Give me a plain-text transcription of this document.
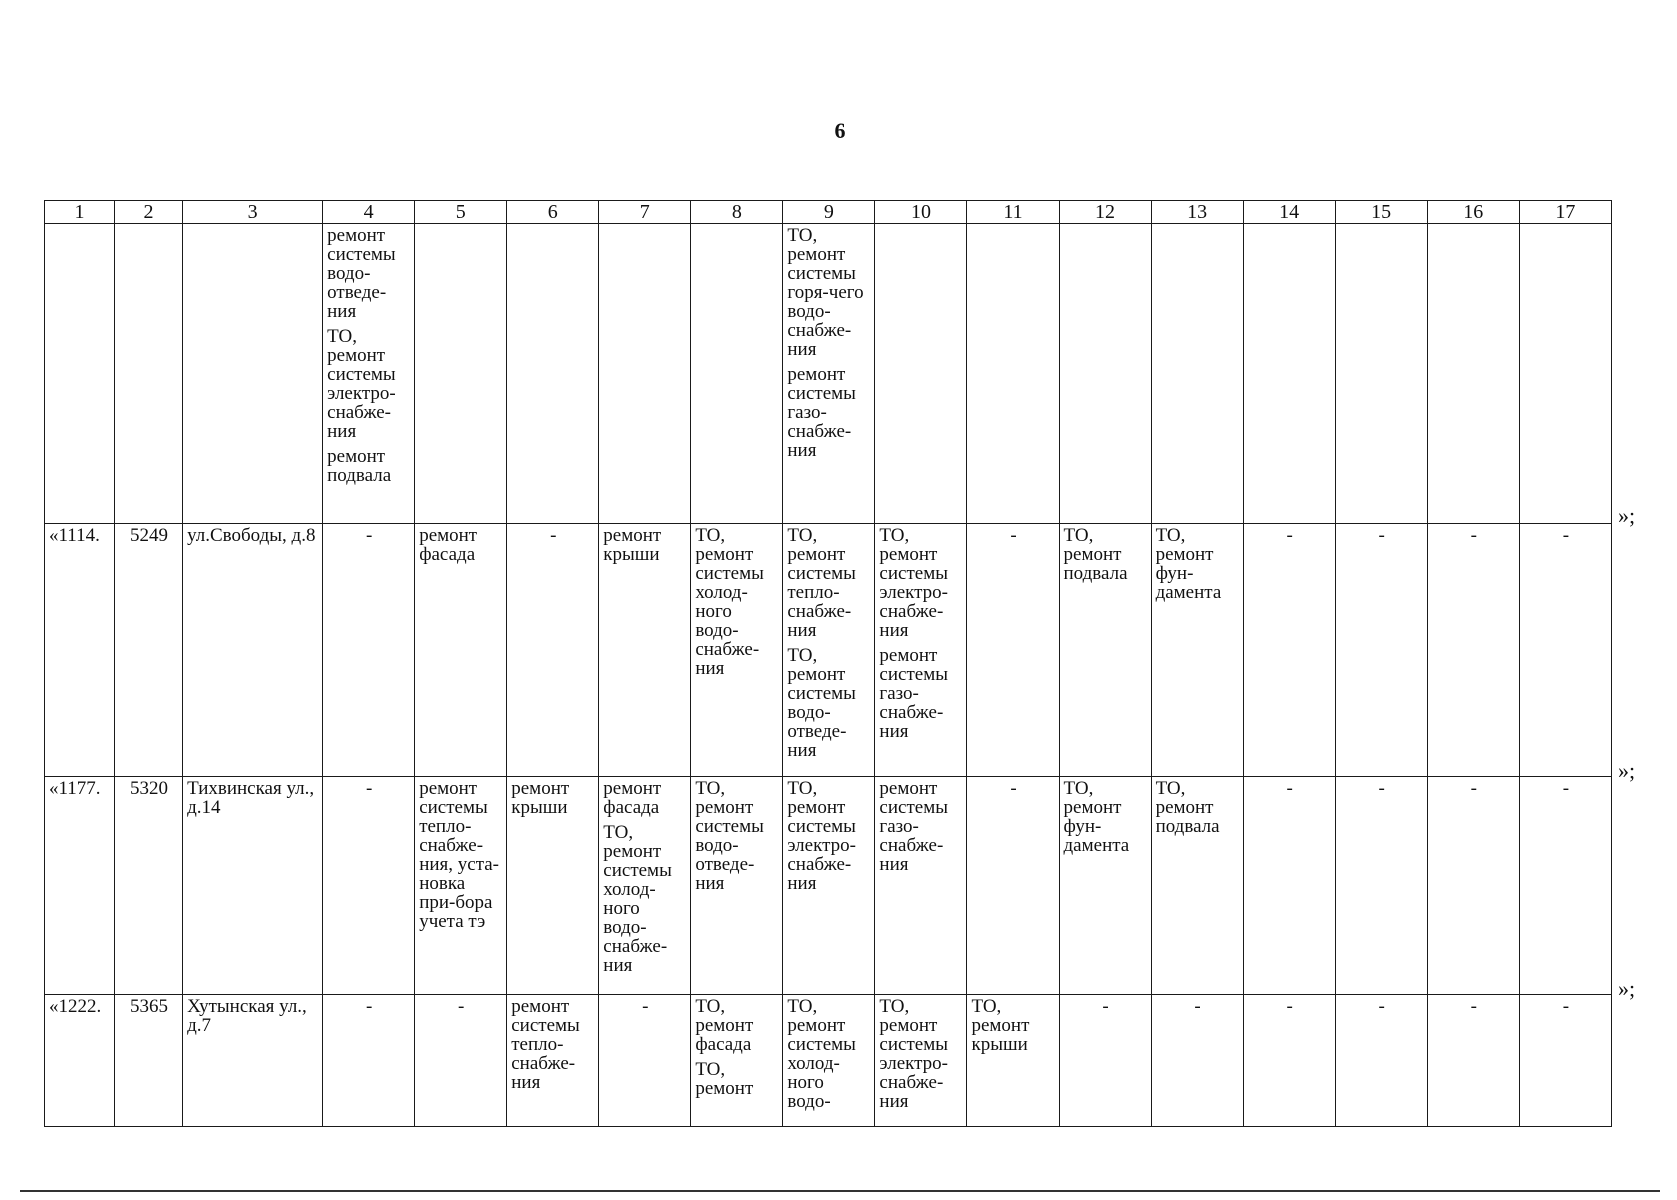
6
1	2	3	4	5	6	7	8	9	10	11	12	13	14	15	16	17

			ремонт системы водо-отведе-ния
ТО, ремонт системы электро-снабже-ния
ремонт подвала					ТО, ремонт системы горя-чего водо-снабже-ния
ремонт системы газо-снабже-ния								

«1114.	5249	ул.Свободы, д.8	-	ремонт фасада	-	ремонт крыши	ТО, ремонт системы холод-ного водо-снабже-ния	ТО, ремонт системы тепло-снабже-ния
ТО, ремонт системы водо-отведе-ния	ТО, ремонт системы электро-снабже-ния
ремонт системы газо-снабже-ния	-	ТО, ремонт подвала	ТО, ремонт фун-дамента	-	-	-	-
«1177.	5320	Тихвинская ул., д.14	-	ремонт системы тепло-снабже-ния, уста-новка при-бора учета тэ	ремонт крыши	ремонт фасада
ТО, ремонт системы холод-ного водо-снабже-ния	ТО, ремонт системы водо-отведе-ния	ТО, ремонт системы электро-снабже-ния	ремонт системы газо-снабже-ния	-	ТО, ремонт фун-дамента	ТО, ремонт подвала	-	-	-	-
«1222.	5365	Хутынская ул., д.7	-	-	ремонт системы тепло-снабже-ния	-	ТО, ремонт фасада
ТО, ремонт	ТО, ремонт системы холод-ного водо-	ТО, ремонт системы электро-снабже-ния	ТО, ремонт крыши	-	-	-	-	-	-
»;
»;
»;
